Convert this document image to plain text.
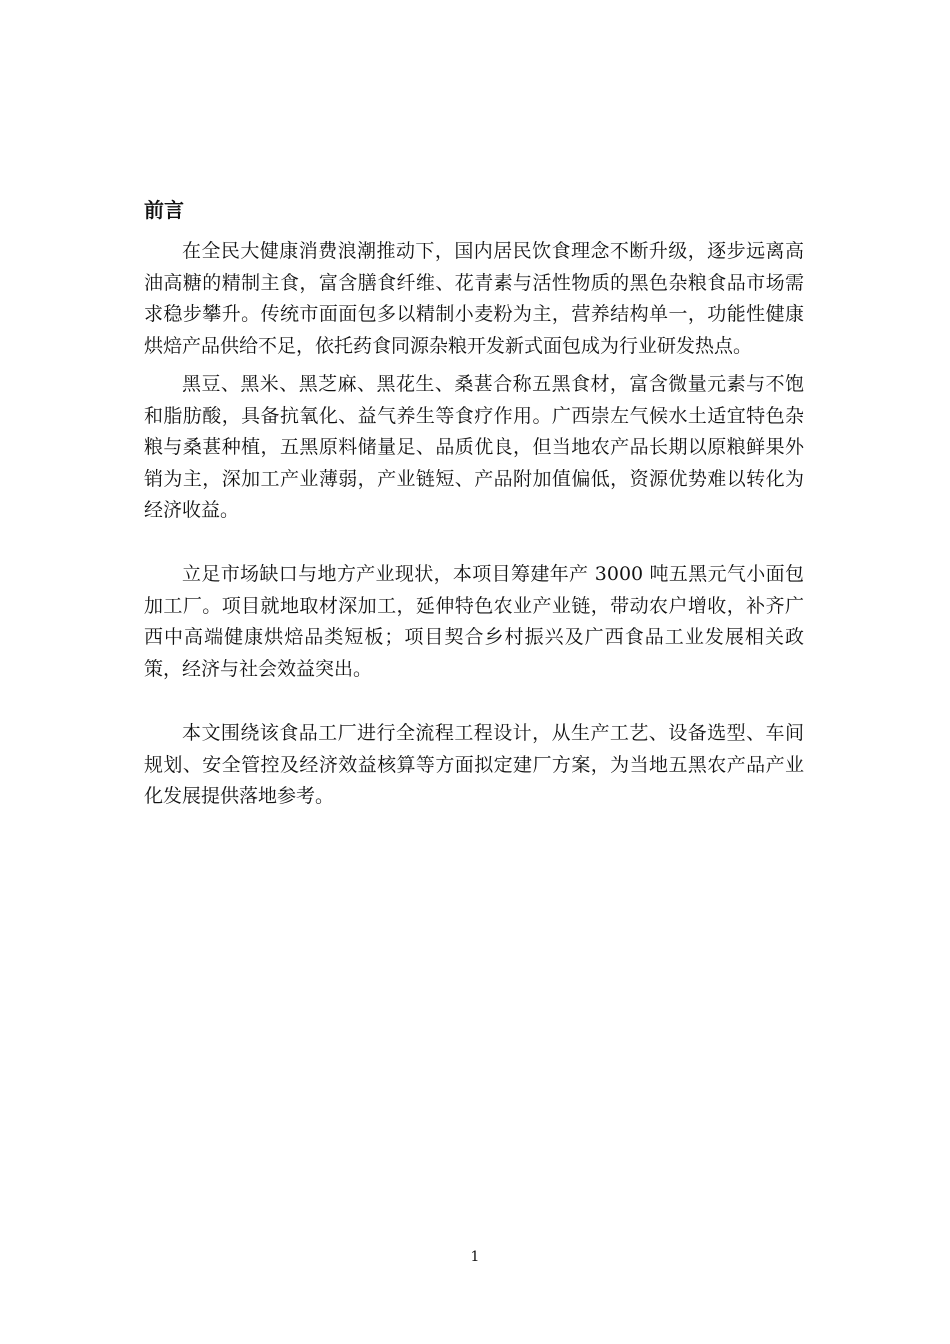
前言

在全民大健康消费浪潮推动下，国内居民饮食理念不断升级，逐步远离高油高糖的精制主食，富含膳食纤维、花青素与活性物质的黑色杂粮食品市场需求稳步攀升。传统市面面包多以精制小麦粉为主，营养结构单一，功能性健康烘焙产品供给不足，依托药食同源杂粮开发新式面包成为行业研发热点。

黑豆、黑米、黑芝麻、黑花生、桑葚合称五黑食材，富含微量元素与不饱和脂肪酸，具备抗氧化、益气养生等食疗作用。广西崇左气候水土适宜特色杂粮与桑葚种植，五黑原料储量足、品质优良，但当地农产品长期以原粮鲜果外销为主，深加工产业薄弱，产业链短、产品附加值偏低，资源优势难以转化为经济收益。

立足市场缺口与地方产业现状，本项目筹建年产 3000 吨五黑元气小面包加工厂。项目就地取材深加工，延伸特色农业产业链，带动农户增收，补齐广西中高端健康烘焙品类短板；项目契合乡村振兴及广西食品工业发展相关政策，经济与社会效益突出。

本文围绕该食品工厂进行全流程工程设计，从生产工艺、设备选型、车间规划、安全管控及经济效益核算等方面拟定建厂方案，为当地五黑农产品产业化发展提供落地参考。

1
